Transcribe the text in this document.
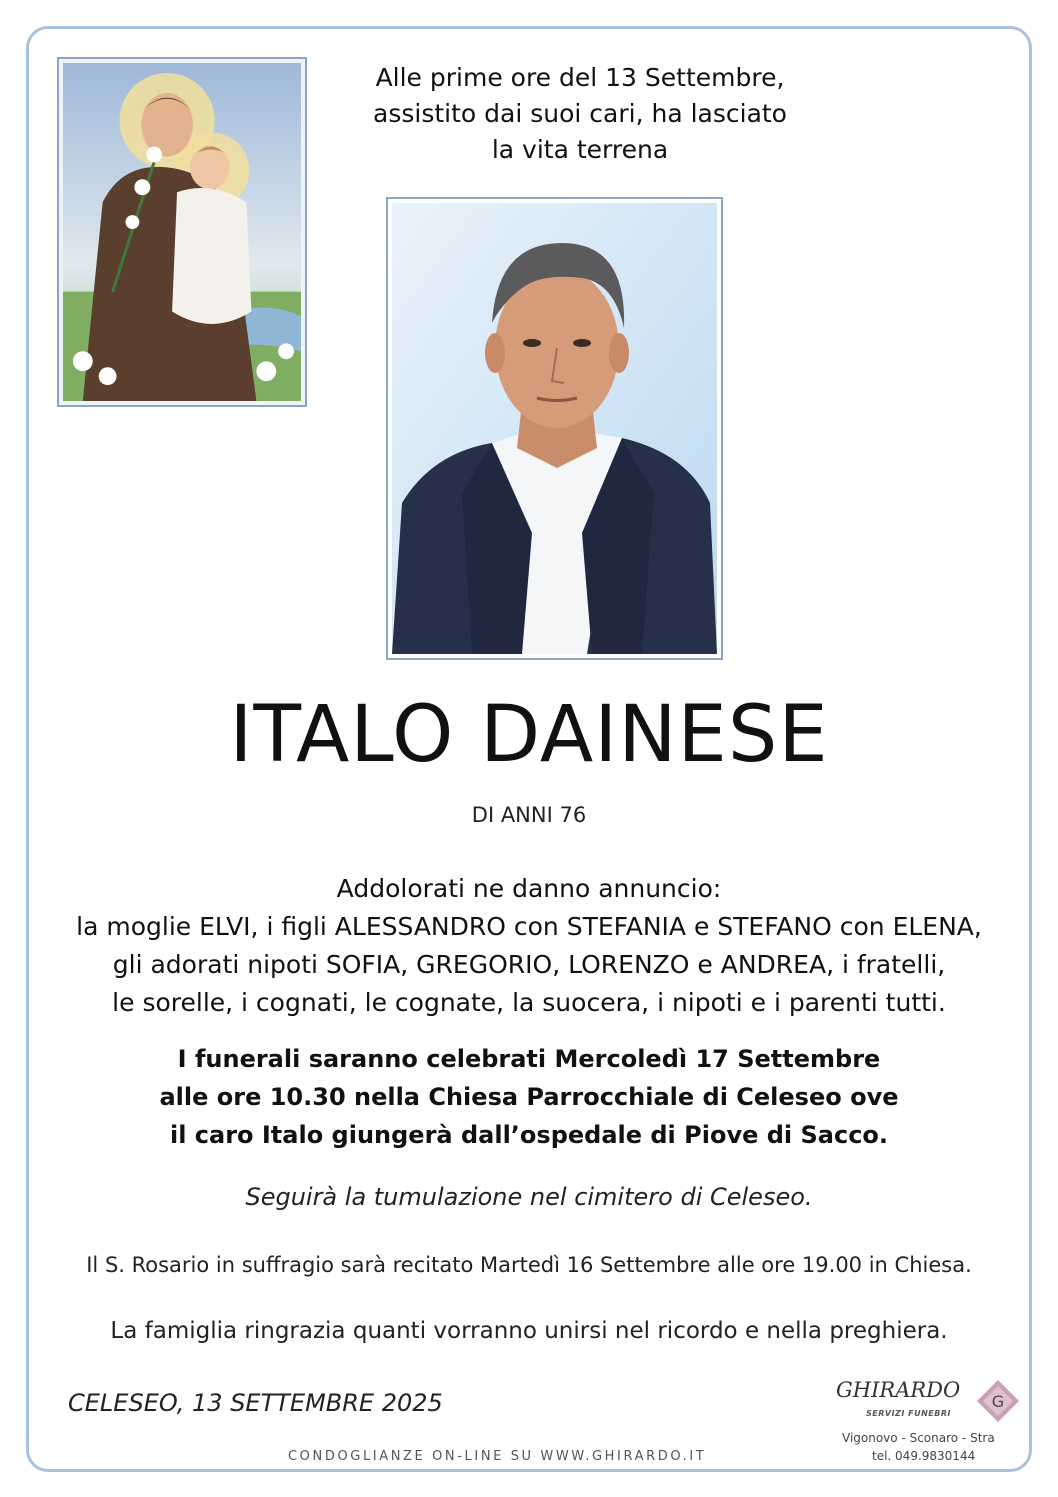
Alle prime ore del 13 Settembre,
assistito dai suoi cari, ha lasciato
la vita terrena
ITALO DAINESE
DI ANNI 76
Addolorati ne danno annuncio:
la moglie ELVI, i figli ALESSANDRO con STEFANIA e STEFANO con ELENA,
gli adorati nipoti SOFIA, GREGORIO, LORENZO e ANDREA, i fratelli,
le sorelle, i cognati, le cognate, la suocera, i nipoti e i parenti tutti.
I funerali saranno celebrati Mercoledì 17 Settembre
alle ore 10.30 nella Chiesa Parrocchiale di Celeseo ove
il caro Italo giungerà dall’ospedale di Piove di Sacco.
Seguirà la tumulazione nel cimitero di Celeseo.
Il S. Rosario in suffragio sarà recitato Martedì 16 Settembre alle ore 19.00 in Chiesa.
La famiglia ringrazia quanti vorranno unirsi nel ricordo e nella preghiera.
CELESEO, 13 SETTEMBRE 2025
CONDOGLIANZE ON-LINE SU WWW.GHIRARDO.IT
GHIRARDO
SERVIZI FUNEBRI
G
Vigonovo - Sconaro - Stra
tel. 049.9830144
